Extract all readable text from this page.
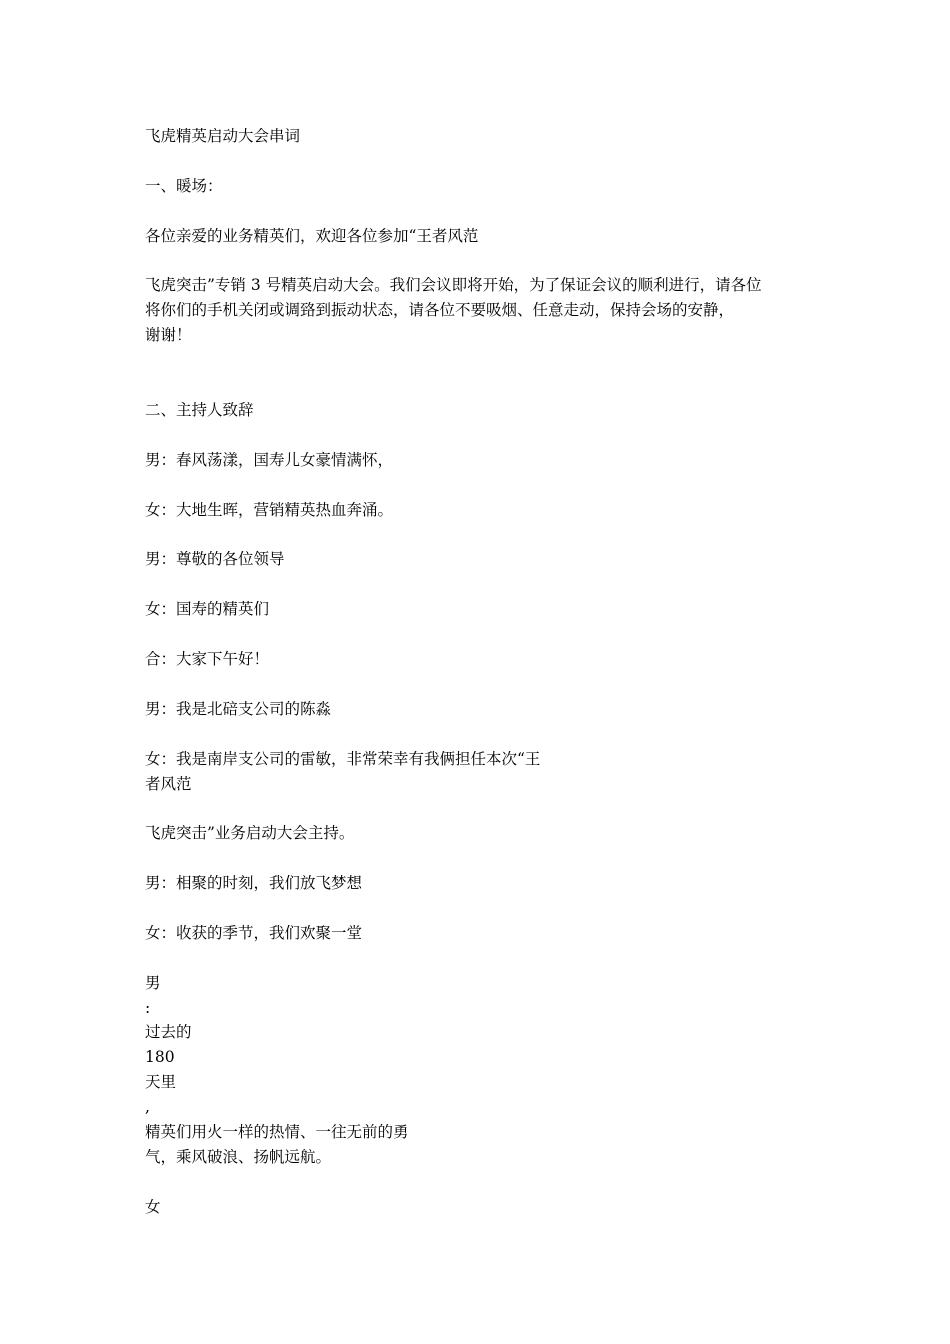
飞虎精英启动大会串词

一、暖场：

各位亲爱的业务精英们，欢迎各位参加“王者风范

飞虎突击”专销 3 号精英启动大会。我们会议即将开始，为了保证会议的顺利进行，请各位

将你们的手机关闭或调臵到振动状态，请各位不要吸烟、任意走动，保持会场的安静，

谢谢！

二、主持人致辞

男：春风荡漾，国寿儿女豪情满怀，

女：大地生晖，营销精英热血奔涌。

男：尊敬的各位领导

女：国寿的精英们

合：大家下午好！

男：我是北碚支公司的陈淼

女：我是南岸支公司的雷敏，非常荣幸有我俩担任本次“王

者风范

飞虎突击”业务启动大会主持。

男：相聚的时刻，我们放飞梦想

女：收获的季节，我们欢聚一堂

男

:

过去的

180

天里

,

精英们用火一样的热情、一往无前的勇

气，乘风破浪、扬帆远航。

女
